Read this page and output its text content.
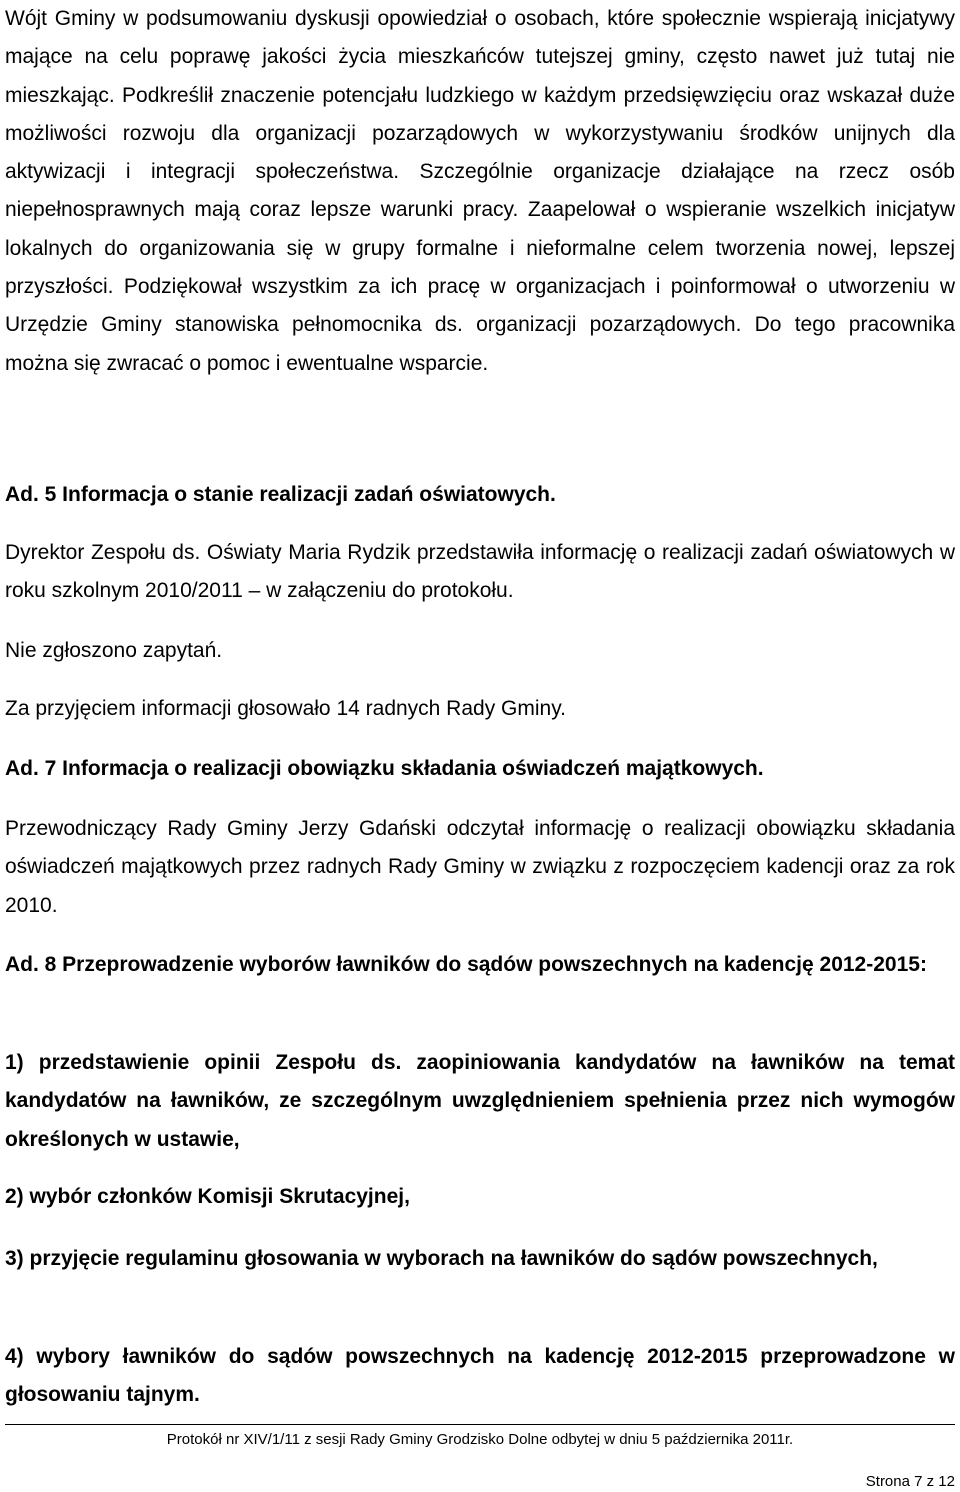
Wójt Gminy w podsumowaniu dyskusji opowiedział o osobach, które społecznie wspierają inicjatywy mające na celu poprawę jakości życia mieszkańców tutejszej gminy, często nawet już tutaj nie mieszkając. Podkreślił znaczenie potencjału ludzkiego w każdym przedsięwzięciu oraz wskazał duże możliwości rozwoju dla organizacji pozarządowych w wykorzystywaniu środków unijnych dla aktywizacji i integracji społeczeństwa. Szczególnie organizacje działające na rzecz osób niepełnosprawnych mają coraz lepsze warunki pracy. Zaapelował o wspieranie wszelkich inicjatyw lokalnych do organizowania się w grupy formalne i nieformalne celem tworzenia nowej, lepszej przyszłości. Podziękował wszystkim za ich pracę w organizacjach i poinformował o utworzeniu w Urzędzie Gminy stanowiska pełnomocnika ds. organizacji pozarządowych. Do tego pracownika można się zwracać o pomoc i ewentualne wsparcie.

Ad. 5 Informacja o stanie realizacji zadań oświatowych.

Dyrektor Zespołu ds. Oświaty Maria Rydzik przedstawiła informację o realizacji zadań oświatowych w roku szkolnym 2010/2011 – w załączeniu do protokołu.

Nie zgłoszono zapytań.

Za przyjęciem informacji głosowało 14 radnych Rady Gminy.

Ad. 7 Informacja o realizacji obowiązku składania oświadczeń majątkowych.

Przewodniczący Rady Gminy Jerzy Gdański odczytał informację o realizacji obowiązku składania oświadczeń majątkowych przez radnych Rady Gminy w związku z rozpoczęciem kadencji oraz za rok 2010.

Ad. 8 Przeprowadzenie wyborów ławników do sądów powszechnych na kadencję 2012-2015:

1) przedstawienie opinii Zespołu ds. zaopiniowania kandydatów na ławników na temat kandydatów na ławników, ze szczególnym uwzględnieniem spełnienia przez nich wymogów określonych w ustawie,

2) wybór członków Komisji Skrutacyjnej,

3) przyjęcie regulaminu głosowania w wyborach na ławników do sądów powszechnych,

4) wybory ławników do sądów powszechnych na kadencję 2012-2015 przeprowadzone w głosowaniu tajnym.

Protokół nr XIV/1/11 z sesji Rady Gminy Grodzisko Dolne odbytej w dniu 5 października 2011r.
Strona 7 z 12
